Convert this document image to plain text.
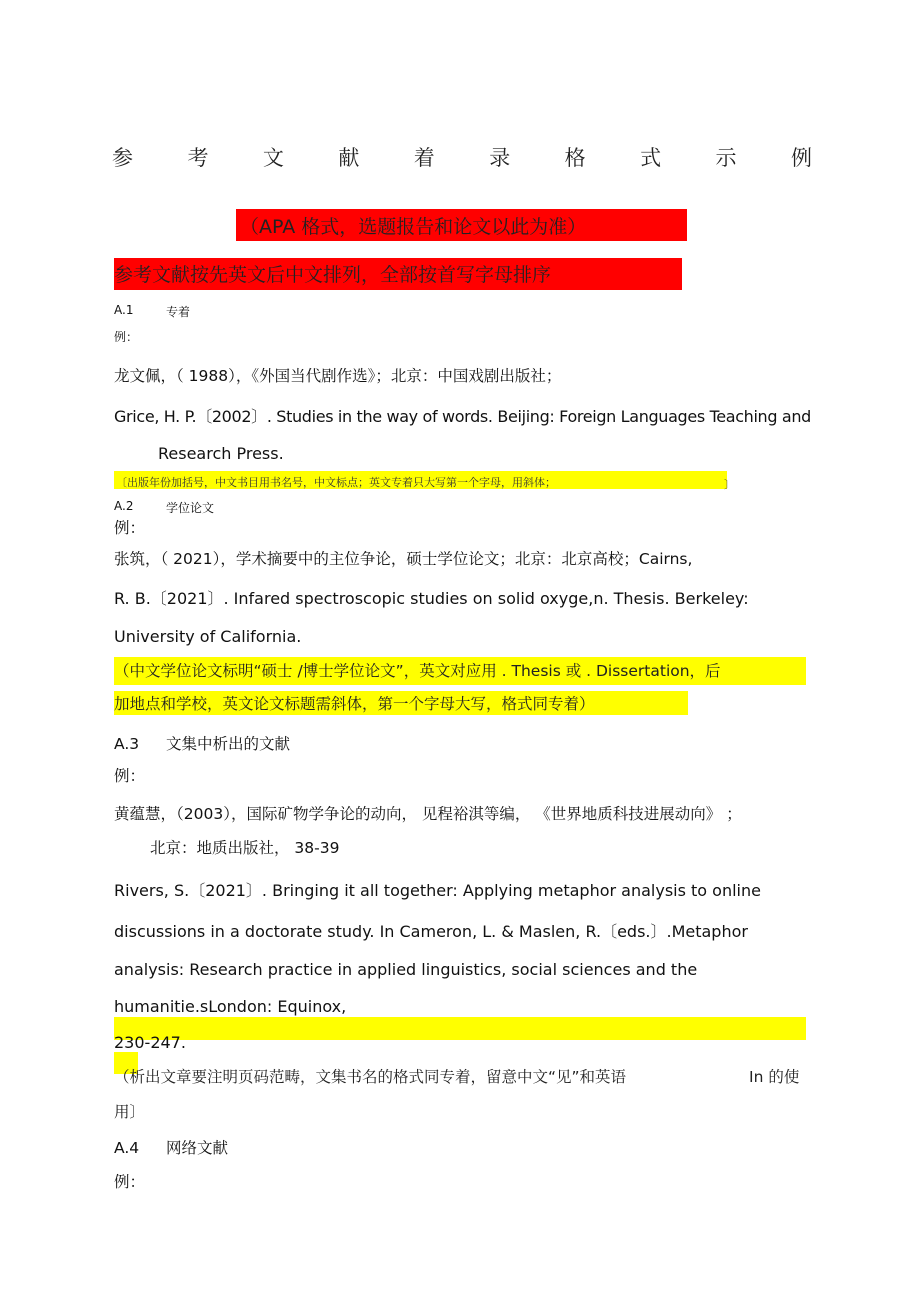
参	考	文	献	着	录	格	式	示	例
（APA 格式，选题报告和论文以此为准）
参考文献按先英文后中文排列，全部按首写字母排序
A.1	专着
例：
龙文佩，（ 1988），《外国当代剧作选》；北京：中国戏剧出版社；
Grice, H. P.〔2002〕. Studies in the way of words. Beijing: Foreign Languages Teaching and
Research Press.
〔出版年份加括号，中文书目用书名号，中文标点；英文专着只大写第一个字母，用斜体；	〕
A.2	学位论文
例：
张筑，（ 2021），学术摘要中的主位争论，硕士学位论文；北京：北京高校；Cairns,
R. B.〔2021〕. Infared spectroscopic studies on solid oxyge,n. Thesis. Berkeley:
University of California.
（中文学位论文标明“硕士 /博士学位论文”，英文对应用 . Thesis 或 . Dissertation，后
加地点和学校，英文论文标题需斜体，第一个字母大写，格式同专着）
A.3 文集中析出的文献
例：
黄蕴慧，（2003），国际矿物学争论的动向， 见程裕淇等编， 《世界地质科技进展动向》 ；
北京：地质出版社， 38-39
Rivers, S.〔2021〕. Bringing it all together: Applying metaphor analysis to online
discussions in a doctorate study. In Cameron, L. & Maslen, R.〔eds.〕.Metaphor
analysis: Research practice in applied linguistics, social sciences and the
humanitie.sLondon: Equinox,
230-247.
（析出文章要注明页码范畴，文集书名的格式同专着，留意中文“见”和英语	In 的使
用〕
A.4 网络文献
例：
